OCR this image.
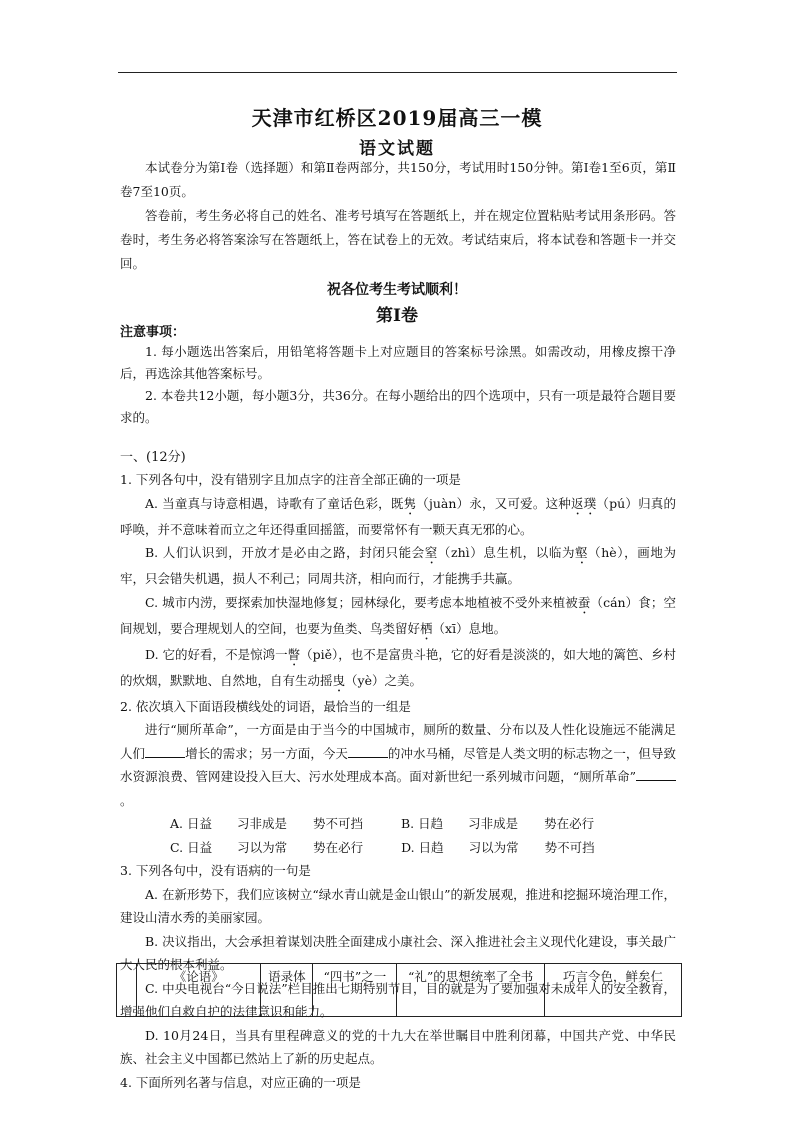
天津市红桥区2019届高三一模
语文试题

本试卷分为第Ⅰ卷（选择题）和第Ⅱ卷两部分，共150分，考试用时150分钟。第Ⅰ卷1至6页，第Ⅱ卷7至10页。

答卷前，考生务必将自己的姓名、准考号填写在答题纸上，并在规定位置粘贴考试用条形码。答卷时，考生务必将答案涂写在答题纸上，答在试卷上的无效。考试结束后，将本试卷和答题卡一并交回。

祝各位考生考试顺利！
第Ⅰ卷
注意事项：

1. 每小题选出答案后，用铅笔将答题卡上对应题目的答案标号涂黑。如需改动，用橡皮擦干净后，再选涂其他答案标号。

2. 本卷共12小题，每小题3分，共36分。在每小题给出的四个选项中，只有一项是最符合题目要求的。

一、(12分)

1. 下列各句中，没有错别字且加点字的注音全部正确的一项是

A. 当童真与诗意相遇，诗歌有了童话色彩，既隽（juàn）永，又可爱。这种返璞（pú）归真的呼唤，并不意味着而立之年还得重回摇篮，而要常怀有一颗天真无邪的心。

B. 人们认识到，开放才是必由之路，封闭只能会窒（zhì）息生机，以临为壑（hè），画地为牢，只会错失机遇，损人不利己；同周共济，相向而行，才能携手共赢。

C. 城市内涝，要探索加快湿地修复；园林绿化，要考虑本地植被不受外来植被蚕（cán）食；空间规划，要合理规划人的空间，也要为鱼类、鸟类留好栖（xī）息地。

D. 它的好看，不是惊鸿一瞥（piě），也不是富贵斗艳，它的好看是淡淡的，如大地的篱笆、乡村的炊烟，默默地、自然地，自有生动摇曳（yè）之美。

2. 依次填入下面语段横线处的词语，最恰当的一组是

进行“厕所革命”，一方面是由于当今的中国城市，厕所的数量、分布以及人性化设施远不能满足人们	增长的需求；另一方面，今天	的冲水马桶，尽管是人类文明的标志物之一，但导致水资源浪费、管网建设投入巨大、污水处理成本高。面对新世纪一系列城市问题，“厕所革命”。

A. 日益 习非成是 势不可挡	B. 日趋 习非成是 势在必行

C. 日益 习以为常 势在必行	D. 日趋 习以为常 势不可挡

3. 下列各句中，没有语病的一句是

A. 在新形势下，我们应该树立“绿水青山就是金山银山”的新发展观，推进和挖掘环境治理工作，建设山清水秀的美丽家园。

B. 决议指出，大会承担着谋划决胜全面建成小康社会、深入推进社会主义现代化建设，事关最广大人民的根本利益。

C. 中央电视台“今日说法”栏目推出七期特别节目，目的就是为了要加强对未成年人的安全教育，增强他们自救自护的法律意识和能力。

D. 10月24日，当具有里程碑意义的党的十九大在举世瞩目中胜利闭幕，中国共产党、中华民族、社会主义中国都已然站上了新的历史起点。

4. 下面所列名著与信息，对应正确的一项是

	《论语》	语录体	“四书”之一	“礼”的思想统率了全书	巧言令色，鲜矣仁
